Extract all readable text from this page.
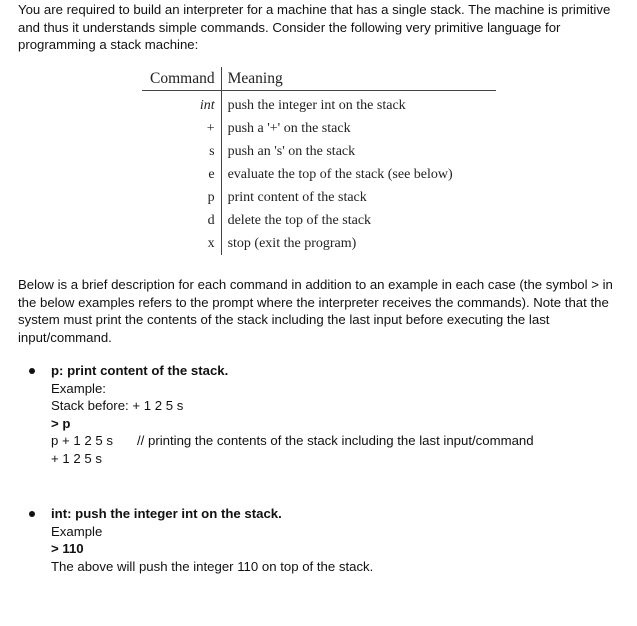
You are required to build an interpreter for a machine that has a single stack. The machine is primitive and thus it understands simple commands. Consider the following very primitive language for programming a stack machine:

Command	Meaning
int	push the integer int on the stack
+	push a '+' on the stack
s	push an 's' on the stack
e	evaluate the top of the stack (see below)
p	print content of the stack
d	delete the top of the stack
x	stop (exit the program)

Below is a brief description for each command in addition to an example in each case (the symbol > in the below examples refers to the prompt where the interpreter receives the commands). Note that the system must print the contents of the stack including the last input before executing the last input/command.

p: print content of the stack.
Example:
Stack before: + 1 2 5 s
> p
p + 1 2 5 s // printing the contents of the stack including the last input/command
+ 1 2 5 s
int: push the integer int on the stack.
Example
> 110
The above will push the integer 110 on top of the stack.
